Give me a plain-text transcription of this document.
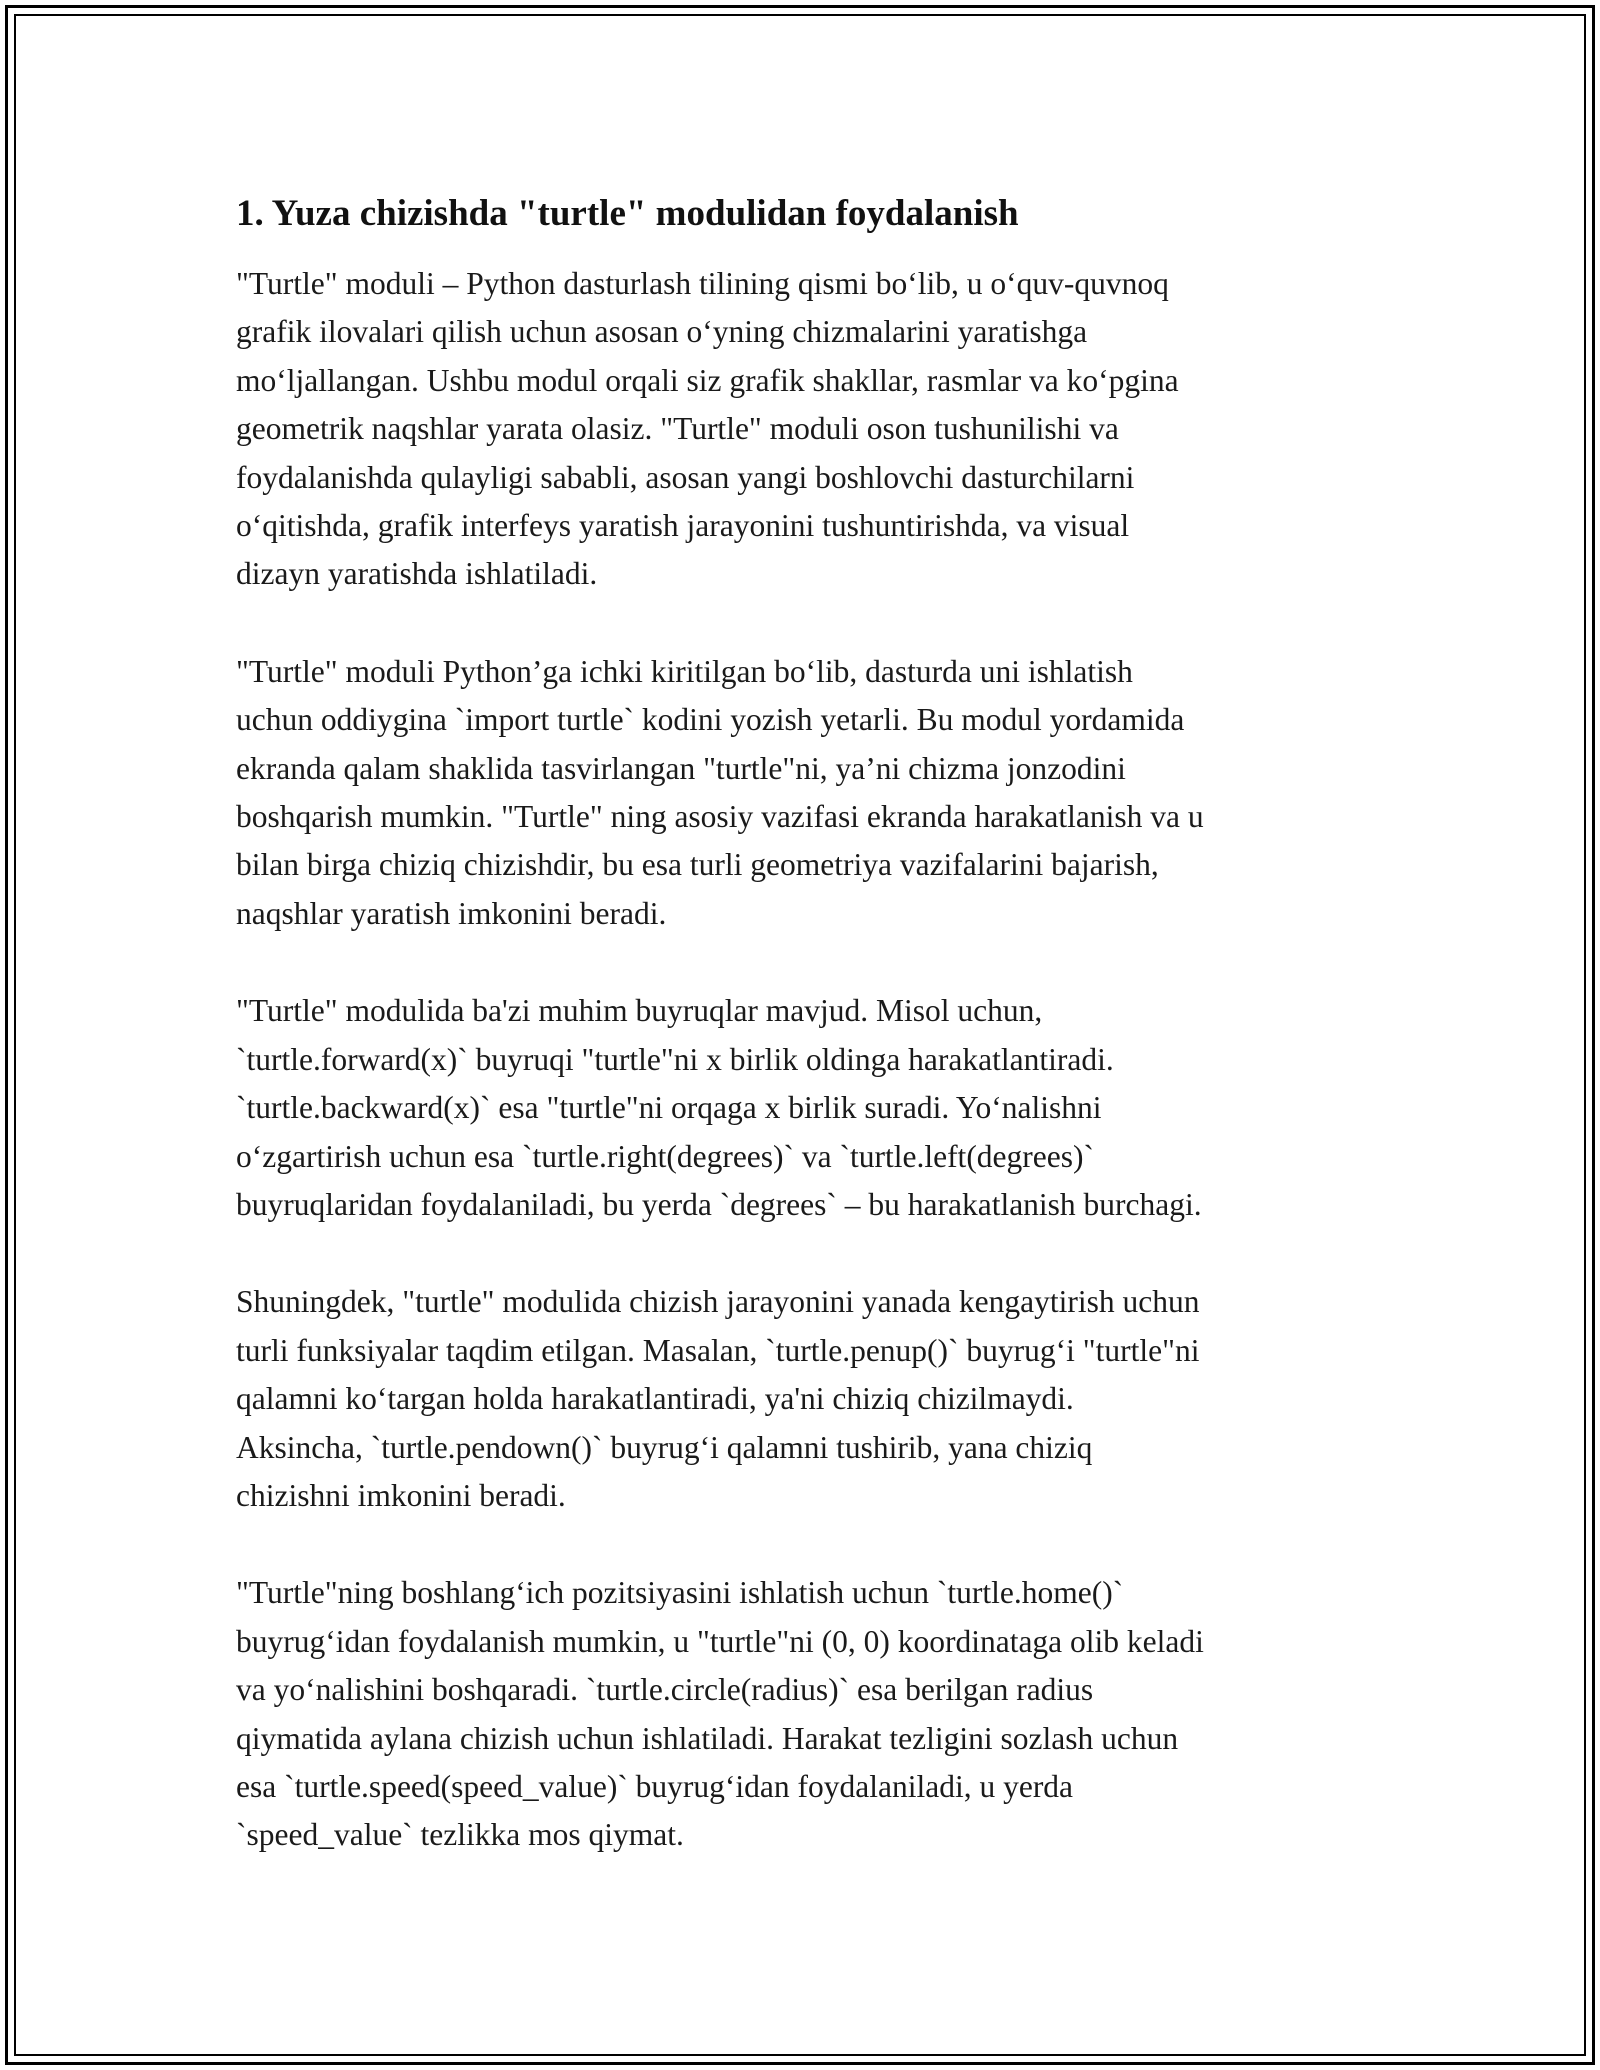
1. Yuza chizishda "turtle" modulidan foydalanish
"Turtle" moduli – Python dasturlash tilining qismi bo‘lib, u o‘quv-quvnoq
grafik ilovalari qilish uchun asosan o‘yning chizmalarini yaratishga
mo‘ljallangan. Ushbu modul orqali siz grafik shakllar, rasmlar va ko‘pgina
geometrik naqshlar yarata olasiz. "Turtle" moduli oson tushunilishi va
foydalanishda qulayligi sababli, asosan yangi boshlovchi dasturchilarni
o‘qitishda, grafik interfeys yaratish jarayonini tushuntirishda, va visual
dizayn yaratishda ishlatiladi.
"Turtle" moduli Python’ga ichki kiritilgan bo‘lib, dasturda uni ishlatish
uchun oddiygina `import turtle` kodini yozish yetarli. Bu modul yordamida
ekranda qalam shaklida tasvirlangan "turtle"ni, ya’ni chizma jonzodini
boshqarish mumkin. "Turtle" ning asosiy vazifasi ekranda harakatlanish va u
bilan birga chiziq chizishdir, bu esa turli geometriya vazifalarini bajarish,
naqshlar yaratish imkonini beradi.
"Turtle" modulida ba'zi muhim buyruqlar mavjud. Misol uchun,
`turtle.forward(x)` buyruqi "turtle"ni x birlik oldinga harakatlantiradi.
`turtle.backward(x)` esa "turtle"ni orqaga x birlik suradi. Yo‘nalishni
o‘zgartirish uchun esa `turtle.right(degrees)` va `turtle.left(degrees)`
buyruqlaridan foydalaniladi, bu yerda `degrees` – bu harakatlanish burchagi.
Shuningdek, "turtle" modulida chizish jarayonini yanada kengaytirish uchun
turli funksiyalar taqdim etilgan. Masalan, `turtle.penup()` buyrug‘i "turtle"ni
qalamni ko‘targan holda harakatlantiradi, ya'ni chiziq chizilmaydi.
Aksincha, `turtle.pendown()` buyrug‘i qalamni tushirib, yana chiziq
chizishni imkonini beradi.
"Turtle"ning boshlang‘ich pozitsiyasini ishlatish uchun `turtle.home()`
buyrug‘idan foydalanish mumkin, u "turtle"ni (0, 0) koordinataga olib keladi
va yo‘nalishini boshqaradi. `turtle.circle(radius)` esa berilgan radius
qiymatida aylana chizish uchun ishlatiladi. Harakat tezligini sozlash uchun
esa `turtle.speed(speed_value)` buyrug‘idan foydalaniladi, u yerda
`speed_value` tezlikka mos qiymat.
